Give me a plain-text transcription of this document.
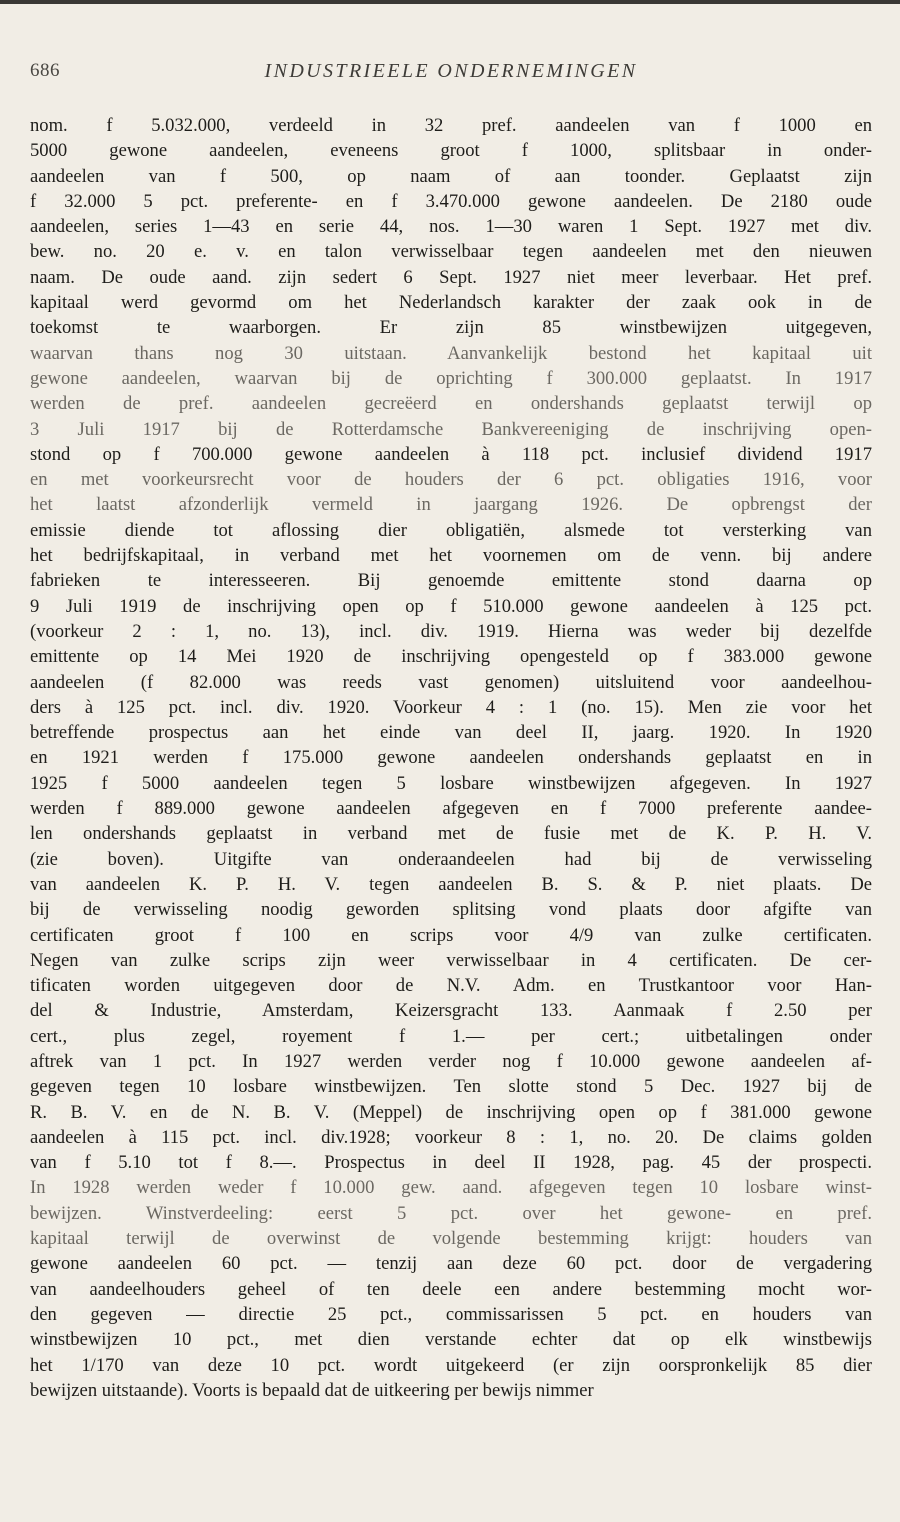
686	INDUSTRIEELE ONDERNEMINGEN
nom. f 5.032.000, verdeeld in 32 pref. aandeelen van f 1000 en
5000 gewone aandeelen, eveneens groot f 1000, splitsbaar in onder-
aandeelen van f 500, op naam of aan toonder. Geplaatst zijn
f 32.000 5 pct. preferente- en f 3.470.000 gewone aandeelen. De 2180 oude
aandeelen, series 1—43 en serie 44, nos. 1—30 waren 1 Sept. 1927 met div.
bew. no. 20 e. v. en talon verwisselbaar tegen aandeelen met den nieuwen
naam. De oude aand. zijn sedert 6 Sept. 1927 niet meer leverbaar. Het pref.
kapitaal werd gevormd om het Nederlandsch karakter der zaak ook in de
toekomst te waarborgen. Er zijn 85 winstbewijzen uitgegeven,
waarvan thans nog 30 uitstaan. Aanvankelijk bestond het kapitaal uit
gewone aandeelen, waarvan bij de oprichting f 300.000 geplaatst. In 1917
werden de pref. aandeelen gecreëerd en ondershands geplaatst terwijl op
3 Juli 1917 bij de Rotterdamsche Bankvereeniging de inschrijving open-
stond op f 700.000 gewone aandeelen à 118 pct. inclusief dividend 1917
en met voorkeursrecht voor de houders der 6 pct. obligaties 1916, voor
het laatst afzonderlijk vermeld in jaargang 1926. De opbrengst der
emissie diende tot aflossing dier obligatiën, alsmede tot versterking van
het bedrijfskapitaal, in verband met het voornemen om de venn. bij andere
fabrieken te interesseeren. Bij genoemde emittente stond daarna op
9 Juli 1919 de inschrijving open op f 510.000 gewone aandeelen à 125 pct.
(voorkeur 2 : 1, no. 13), incl. div. 1919. Hierna was weder bij dezelfde
emittente op 14 Mei 1920 de inschrijving opengesteld op f 383.000 gewone
aandeelen (f 82.000 was reeds vast genomen) uitsluitend voor aandeelhou-
ders à 125 pct. incl. div. 1920. Voorkeur 4 : 1 (no. 15). Men zie voor het
betreffende prospectus aan het einde van deel II, jaarg. 1920. In 1920
en 1921 werden f 175.000 gewone aandeelen ondershands geplaatst en in
1925 f 5000 aandeelen tegen 5 losbare winstbewijzen afgegeven. In 1927
werden f 889.000 gewone aandeelen afgegeven en f 7000 preferente aandee-
len ondershands geplaatst in verband met de fusie met de K. P. H. V.
(zie boven). Uitgifte van onderaandeelen had bij de verwisseling
van aandeelen K. P. H. V. tegen aandeelen B. S. & P. niet plaats. De
bij de verwisseling noodig geworden splitsing vond plaats door afgifte van
certificaten groot f 100 en scrips voor 4/9 van zulke certificaten.
Negen van zulke scrips zijn weer verwisselbaar in 4 certificaten. De cer-
tificaten worden uitgegeven door de N.V. Adm. en Trustkantoor voor Han-
del & Industrie, Amsterdam, Keizersgracht 133. Aanmaak f 2.50 per
cert., plus zegel, royement f 1.— per cert.; uitbetalingen onder
aftrek van 1 pct. In 1927 werden verder nog f 10.000 gewone aandeelen af-
gegeven tegen 10 losbare winstbewijzen. Ten slotte stond 5 Dec. 1927 bij de
R. B. V. en de N. B. V. (Meppel) de inschrijving open op f 381.000 gewone
aandeelen à 115 pct. incl. div.1928; voorkeur 8 : 1, no. 20. De claims golden
van f 5.10 tot f 8.—. Prospectus in deel II 1928, pag. 45 der prospecti.
In 1928 werden weder f 10.000 gew. aand. afgegeven tegen 10 losbare winst-
bewijzen. Winstverdeeling: eerst 5 pct. over het gewone- en pref.
kapitaal terwijl de overwinst de volgende bestemming krijgt: houders van
gewone aandeelen 60 pct. — tenzij aan deze 60 pct. door de vergadering
van aandeelhouders geheel of ten deele een andere bestemming mocht wor-
den gegeven — directie 25 pct., commissarissen 5 pct. en houders van
winstbewijzen 10 pct., met dien verstande echter dat op elk winstbewijs
het 1/170 van deze 10 pct. wordt uitgekeerd (er zijn oorspronkelijk 85 dier
bewijzen uitstaande). Voorts is bepaald dat de uitkeering per bewijs nimmer
